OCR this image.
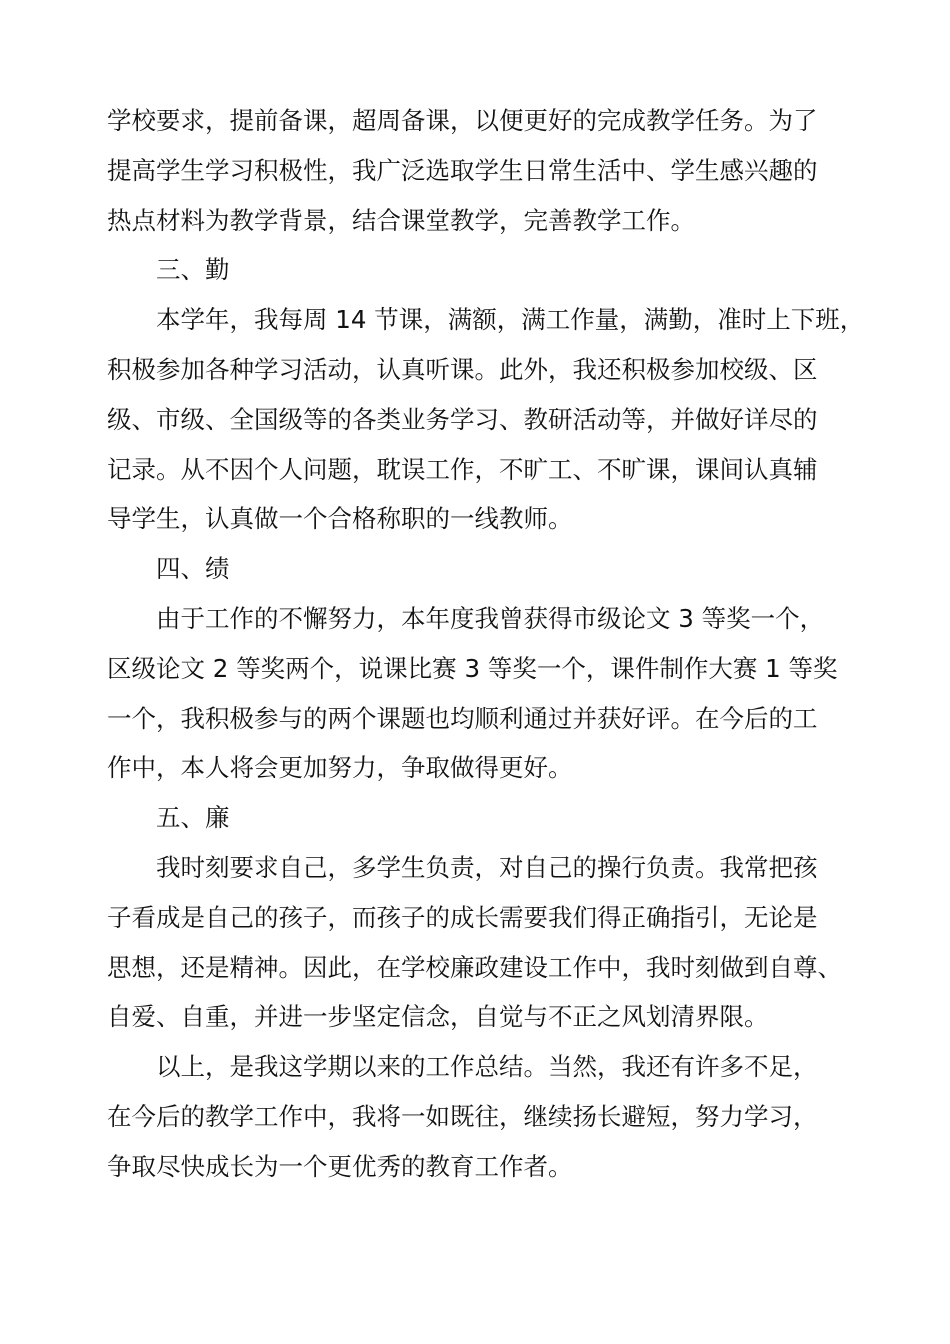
学校要求，提前备课，超周备课，以便更好的完成教学任务。为了
提高学生学习积极性，我广泛选取学生日常生活中、学生感兴趣的
热点材料为教学背景，结合课堂教学，完善教学工作。
三、勤
本学年，我每周 14 节课，满额，满工作量，满勤，准时上下班，
积极参加各种学习活动，认真听课。此外，我还积极参加校级、区
级、市级、全国级等的各类业务学习、教研活动等，并做好详尽的
记录。从不因个人问题，耽误工作，不旷工、不旷课，课间认真辅
导学生，认真做一个合格称职的一线教师。
四、绩
由于工作的不懈努力，本年度我曾获得市级论文 3 等奖一个，
区级论文 2 等奖两个，说课比赛 3 等奖一个，课件制作大赛 1 等奖
一个，我积极参与的两个课题也均顺利通过并获好评。在今后的工
作中，本人将会更加努力，争取做得更好。
五、廉
我时刻要求自己，多学生负责，对自己的操行负责。我常把孩
子看成是自己的孩子，而孩子的成长需要我们得正确指引，无论是
思想，还是精神。因此，在学校廉政建设工作中，我时刻做到自尊、
自爱、自重，并进一步坚定信念，自觉与不正之风划清界限。
以上，是我这学期以来的工作总结。当然，我还有许多不足，
在今后的教学工作中，我将一如既往，继续扬长避短，努力学习，
争取尽快成长为一个更优秀的教育工作者。
